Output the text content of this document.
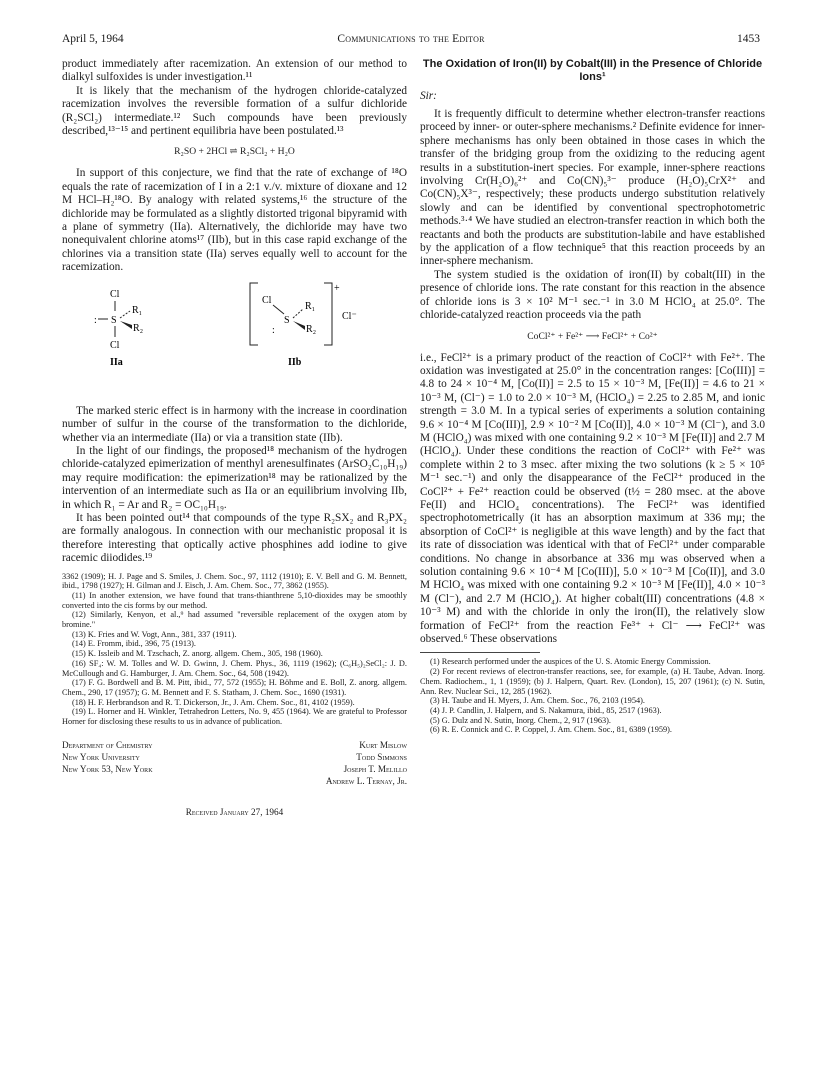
April 5, 1964	Communications to the Editor	1453

product immediately after racemization. An extension of our method to dialkyl sulfoxides is under investigation.¹¹

It is likely that the mechanism of the hydrogen chloride-catalyzed racemization involves the reversible formation of a sulfur dichloride (R₂SCl₂) intermediate.¹² Such compounds have been previously described,¹³⁻¹⁵ and pertinent equilibria have been postulated.¹³

R₂SO + 2HCl ⇌ R₂SCl₂ + H₂O

In support of this conjecture, we find that the rate of exchange of ¹⁸O equals the rate of racemization of I in a 2:1 v./v. mixture of dioxane and 12 M HCl–H₂¹⁸O. By analogy with related systems,¹⁶ the structure of the dichloride may be formulated as a slightly distorted trigonal bipyramid with a plane of symmetry (IIa). Alternatively, the dichloride may have two nonequivalent chlorine atoms¹⁷ (IIb), but in this case rapid exchange of the chlorines via a transition state (IIa) serves equally well to account for the racemization.

Cl
: S
R₁
R₂
Cl
IIa
+
Cl
S
R₁
R₂
:
Cl⁻
IIb

The marked steric effect is in harmony with the increase in coordination number of sulfur in the course of the transformation to the dichloride, whether via an intermediate (IIa) or via a transition state (IIb).

In the light of our findings, the proposed¹⁸ mechanism of the hydrogen chloride-catalyzed epimerization of menthyl arenesulfinates (ArSO₂C₁₀H₁₉) may require modification: the epimerization¹⁸ may be rationalized by the intervention of an intermediate such as IIa or an equilibrium involving IIb, in which R₁ = Ar and R₂ = OC₁₀H₁₉.

It has been pointed out¹⁴ that compounds of the type R₂SX₂ and R₃PX₂ are formally analogous. In connection with our mechanistic proposal it is therefore interesting that optically active phosphines add iodine to give racemic diiodides.¹⁹

3362 (1909); H. J. Page and S. Smiles, J. Chem. Soc., 97, 1112 (1910); E. V. Bell and G. M. Bennett, ibid., 1798 (1927); H. Gilman and J. Eisch, J. Am. Chem. Soc., 77, 3862 (1955).

(11) In another extension, we have found that trans-thianthrene 5,10-dioxides may be smoothly converted into the cis forms by our method.

(12) Similarly, Kenyon, et al.,⁹ had assumed "reversible replacement of the oxygen atom by bromine."

(13) K. Fries and W. Vogt, Ann., 381, 337 (1911).

(14) E. Fromm, ibid., 396, 75 (1913).

(15) K. Issleib and M. Tzschach, Z. anorg. allgem. Chem., 305, 198 (1960).

(16) SF₄: W. M. Tolles and W. D. Gwinn, J. Chem. Phys., 36, 1119 (1962); (C₆H₅)₂SeCl₂: J. D. McCullough and G. Hamburger, J. Am. Chem. Soc., 64, 508 (1942).

(17) F. G. Bordwell and B. M. Pitt, ibid., 77, 572 (1955); H. Böhme and E. Boll, Z. anorg. allgem. Chem., 290, 17 (1957); G. M. Bennett and F. S. Statham, J. Chem. Soc., 1690 (1931).

(18) H. F. Herbrandson and R. T. Dickerson, Jr., J. Am. Chem. Soc., 81, 4102 (1959).

(19) L. Horner and H. Winkler, Tetrahedron Letters, No. 9, 455 (1964). We are grateful to Professor Horner for disclosing these results to us in advance of publication.

Department of Chemistry
New York University
New York 53, New York
Kurt Mislow
Todd Simmons
Joseph T. Melillo
Andrew L. Ternay, Jr.
Received January 27, 1964
The Oxidation of Iron(II) by Cobalt(III) in the Presence of Chloride Ions¹
Sir:

It is frequently difficult to determine whether electron-transfer reactions proceed by inner- or outer-sphere mechanisms.² Definite evidence for inner-sphere mechanisms has only been obtained in those cases in which the transfer of the bridging group from the oxidizing to the reducing agent results in a substitution-inert species. For example, inner-sphere reactions involving Cr(H₂O)₆²⁺ and Co(CN)₅³⁻ produce (H₂O)₅CrX²⁺ and Co(CN)₅X³⁻, respectively; these products undergo substitution relatively slowly and can be identified by conventional spectrophotometric methods.³·⁴ We have studied an electron-transfer reaction in which both the reactants and both the products are substitution-labile and have established by the application of a flow technique⁵ that this reaction proceeds by an inner-sphere mechanism.

The system studied is the oxidation of iron(II) by cobalt(III) in the presence of chloride ions. The rate constant for this reaction in the absence of chloride ions is 3 × 10² M⁻¹ sec.⁻¹ in 3.0 M HClO₄ at 25.0°. The chloride-catalyzed reaction proceeds via the path

CoCl²⁺ + Fe²⁺ ⟶ FeCl²⁺ + Co²⁺

i.e., FeCl²⁺ is a primary product of the reaction of CoCl²⁺ with Fe²⁺. The oxidation was investigated at 25.0° in the concentration ranges: [Co(III)] = 4.8 to 24 × 10⁻⁴ M, [Co(II)] = 2.5 to 15 × 10⁻³ M, [Fe(II)] = 4.6 to 21 × 10⁻³ M, (Cl⁻) = 1.0 to 2.0 × 10⁻³ M, (HClO₄) = 2.25 to 2.85 M, and ionic strength = 3.0 M. In a typical series of experiments a solution containing 9.6 × 10⁻⁴ M [Co(III)], 2.9 × 10⁻² M [Co(II)], 4.0 × 10⁻³ M (Cl⁻), and 3.0 M (HClO₄) was mixed with one containing 9.2 × 10⁻³ M [Fe(II)] and 2.7 M (HClO₄). Under these conditions the reaction of CoCl²⁺ with Fe²⁺ was complete within 2 to 3 msec. after mixing the two solutions (k ≥ 5 × 10⁵ M⁻¹ sec.⁻¹) and only the disappearance of the FeCl²⁺ produced in the CoCl²⁺ + Fe²⁺ reaction could be observed (t½ = 280 msec. at the above Fe(II) and HClO₄ concentrations). The FeCl²⁺ was identified spectrophotometrically (it has an absorption maximum at 336 mμ; the absorption of CoCl²⁺ is negligible at this wave length) and by the fact that its rate of dissociation was identical with that of FeCl²⁺ under comparable conditions. No change in absorbance at 336 mμ was observed when a solution containing 9.6 × 10⁻⁴ M [Co(III)], 5.0 × 10⁻³ M [Co(II)], and 3.0 M HClO₄ was mixed with one containing 9.2 × 10⁻³ M [Fe(II)], 4.0 × 10⁻³ M (Cl⁻), and 2.7 M (HClO₄). At higher cobalt(III) concentrations (4.8 × 10⁻³ M) and with the chloride in only the iron(II), the relatively slow formation of FeCl²⁺ from the reaction Fe³⁺ + Cl⁻ ⟶ FeCl²⁺ was observed.⁶ These observations

(1) Research performed under the auspices of the U. S. Atomic Energy Commission.

(2) For recent reviews of electron-transfer reactions, see, for example, (a) H. Taube, Advan. Inorg. Chem. Radiochem., 1, 1 (1959); (b) J. Halpern, Quart. Rev. (London), 15, 207 (1961); (c) N. Sutin, Ann. Rev. Nuclear Sci., 12, 285 (1962).

(3) H. Taube and H. Myers, J. Am. Chem. Soc., 76, 2103 (1954).

(4) J. P. Candlin, J. Halpern, and S. Nakamura, ibid., 85, 2517 (1963).

(5) G. Dulz and N. Sutin, Inorg. Chem., 2, 917 (1963).

(6) R. E. Connick and C. P. Coppel, J. Am. Chem. Soc., 81, 6389 (1959).
